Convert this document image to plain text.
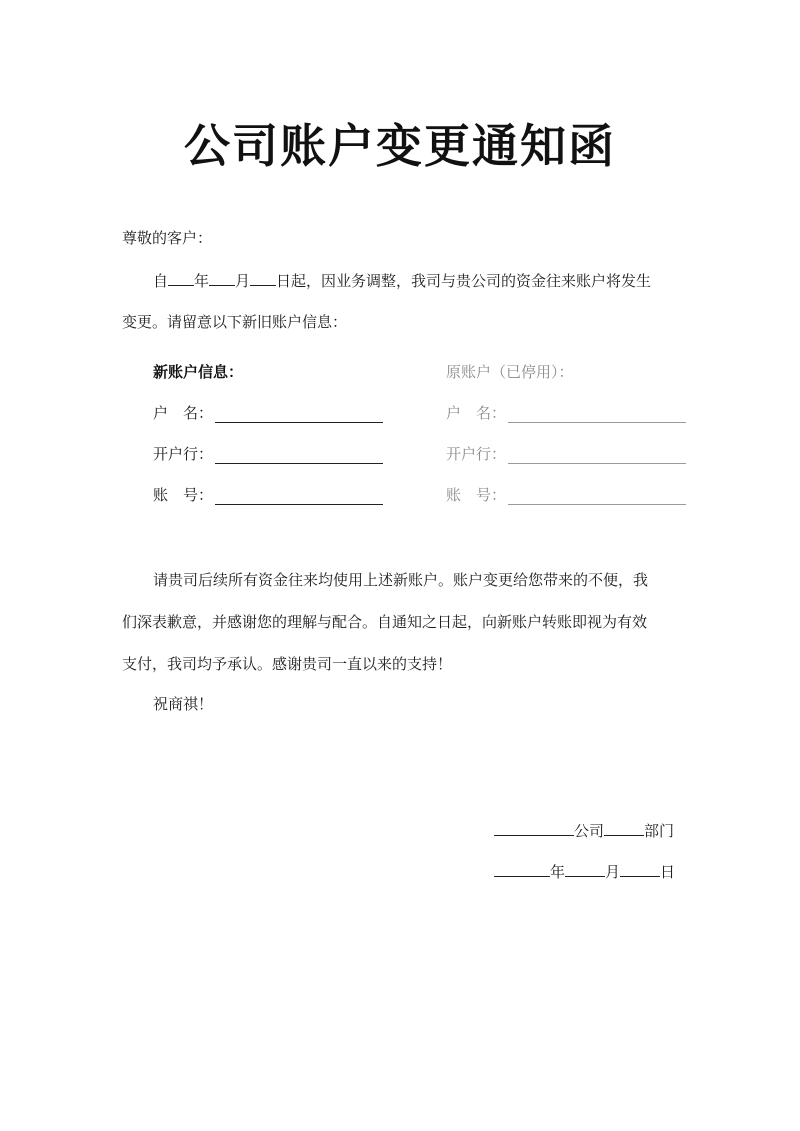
公司账户变更通知函
尊敬的客户：
自 年 月 日起，因业务调整，我司与贵公司的资金往来账户将发生
变更。请留意以下新旧账户信息：
新账户信息：
户　名：
开户行：
账　号：
原账户（已停用）：
户　名：
开户行：
账　号：
请贵司后续所有资金往来均使用上述新账户。账户变更给您带来的不便，我
们深表歉意，并感谢您的理解与配合。自通知之日起，向新账户转账即视为有效
支付，我司均予承认。感谢贵司一直以来的支持！
祝商祺！
公司	部门
年	月	日
